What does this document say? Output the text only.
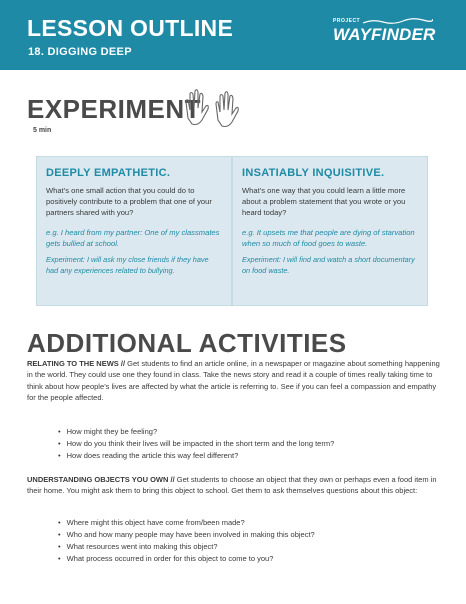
LESSON OUTLINE
18. DIGGING DEEP
PROJECT
WAYFINDER
EXPERIMENT
5 min
DEEPLY EMPATHETIC.

What’s one small action that you could do to positively contribute to a problem that one of your partners shared with you?

e.g. I heard from my partner: One of my classmates gets bullied at school.

Experiment: I will ask my close friends if they have had any experiences related to bullying.

INSATIABLY INQUISITIVE.

What’s one way that you could learn a little more about a problem statement that you wrote or you heard today?

e.g. It upsets me that people are dying of starvation when so much of food goes to waste.

Experiment: I will find and watch a short documentary on food waste.

ADDITIONAL ACTIVITIES

RELATING TO THE NEWS // Get students to find an article online, in a newspaper or magazine about something happening in the world. They could use one they found in class. Take the news story and read it a couple of times really taking time to think about how people’s lives are affected by what the article is referring to. See if you can feel a compassion and empathy for the people affected.

• How might they be feeling?
• How do you think their lives will be impacted in the short term and the long term?
• How does reading the article this way feel different?

UNDERSTANDING OBJECTS YOU OWN // Get students to choose an object that they own or perhaps even a food item in their home. You might ask them to bring this object to school. Get them to ask themselves questions about this object:

• Where might this object have come from/been made?
• Who and how many people may have been involved in making this object?
• What resources went into making this object?
• What process occurred in order for this object to come to you?
